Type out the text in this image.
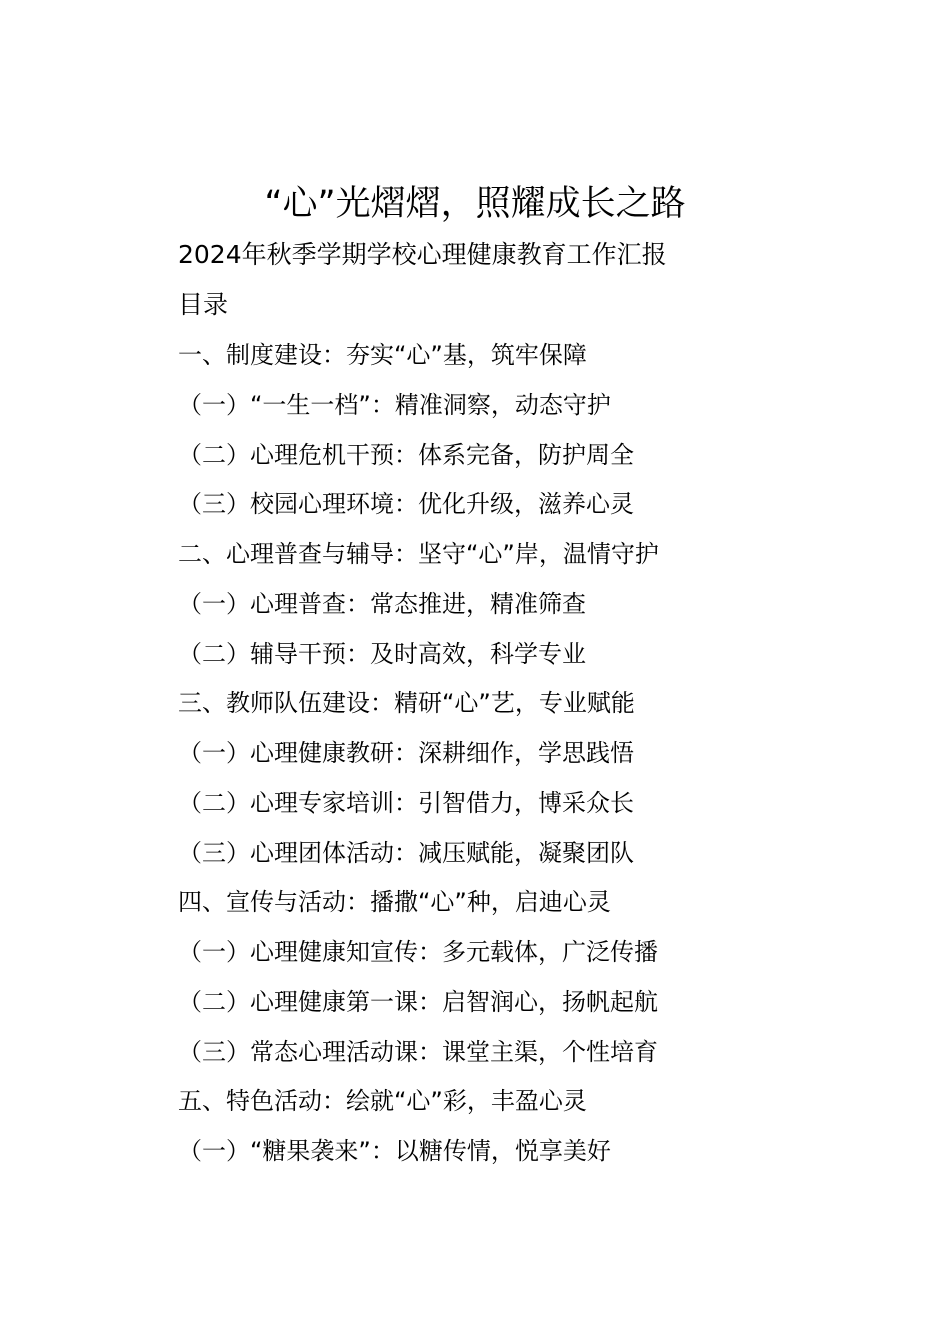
“心”光熠熠，照耀成长之路

2024年秋季学期学校心理健康教育工作汇报

目录

一、制度建设：夯实“心”基，筑牢保障
（一）“一生一档”：精准洞察，动态守护
（二）心理危机干预：体系完备，防护周全
（三）校园心理环境：优化升级，滋养心灵
二、心理普查与辅导：坚守“心”岸，温情守护
（一）心理普查：常态推进，精准筛查
（二）辅导干预：及时高效，科学专业
三、教师队伍建设：精研“心”艺，专业赋能
（一）心理健康教研：深耕细作，学思践悟
（二）心理专家培训：引智借力，博采众长
（三）心理团体活动：减压赋能，凝聚团队
四、宣传与活动：播撒“心”种，启迪心灵
（一）心理健康知宣传：多元载体，广泛传播
（二）心理健康第一课：启智润心，扬帆起航
（三）常态心理活动课：课堂主渠，个性培育
五、特色活动：绘就“心”彩，丰盈心灵
（一）“糖果袭来”：以糖传情，悦享美好
